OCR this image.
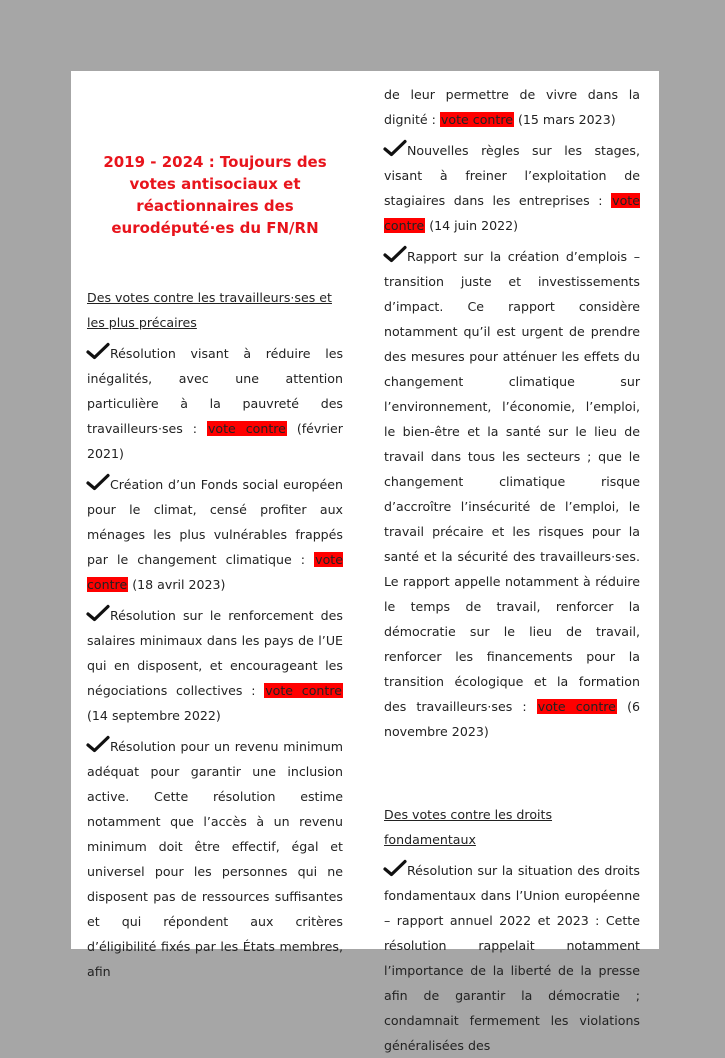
2019 - 2024 : Toujours des votes antisociaux et réactionnaires des eurodéputé·es du FN/RN

Des votes contre les travailleurs·ses et les plus précaires

Résolution visant à réduire les inégalités, avec une attention particulière à la pauvreté des travailleurs·ses : vote contre (février 2021)
Création d’un Fonds social européen pour le climat, censé profiter aux ménages les plus vulnérables frappés par le changement climatique : vote contre (18 avril 2023)
Résolution sur le renforcement des salaires minimaux dans les pays de l’UE qui en disposent, et encourageant les négociations collectives : vote contre (14 septembre 2022)
Résolution pour un revenu minimum adéquat pour garantir une inclusion active. Cette résolution estime notamment que l’accès à un revenu minimum doit être effectif, égal et universel pour les personnes qui ne disposent pas de ressources suffisantes et qui répondent aux critères d’éligibilité fixés par les États membres, afin
de leur permettre de vivre dans la dignité : vote contre (15 mars 2023)
Nouvelles règles sur les stages, visant à freiner l’exploitation de stagiaires dans les entreprises : vote contre (14 juin 2022)
Rapport sur la création d’emplois – transition juste et investissements d’impact. Ce rapport considère notamment qu’il est urgent de prendre des mesures pour atténuer les effets du changement climatique sur l’environnement, l’économie, l’emploi, le bien-être et la santé sur le lieu de travail dans tous les secteurs ; que le changement climatique risque d’accroître l’insécurité de l’emploi, le travail précaire et les risques pour la santé et la sécurité des travailleurs·ses. Le rapport appelle notamment à réduire le temps de travail, renforcer la démocratie sur le lieu de travail, renforcer les financements pour la transition écologique et la formation des travailleurs·ses : vote contre (6 novembre 2023)

Des votes contre les droits fondamentaux

Résolution sur la situation des droits fondamentaux dans l’Union européenne – rapport annuel 2022 et 2023 : Cette résolution rappelait notamment l’importance de la liberté de la presse afin de garantir la démocratie ; condamnait fermement les violations généralisées des
